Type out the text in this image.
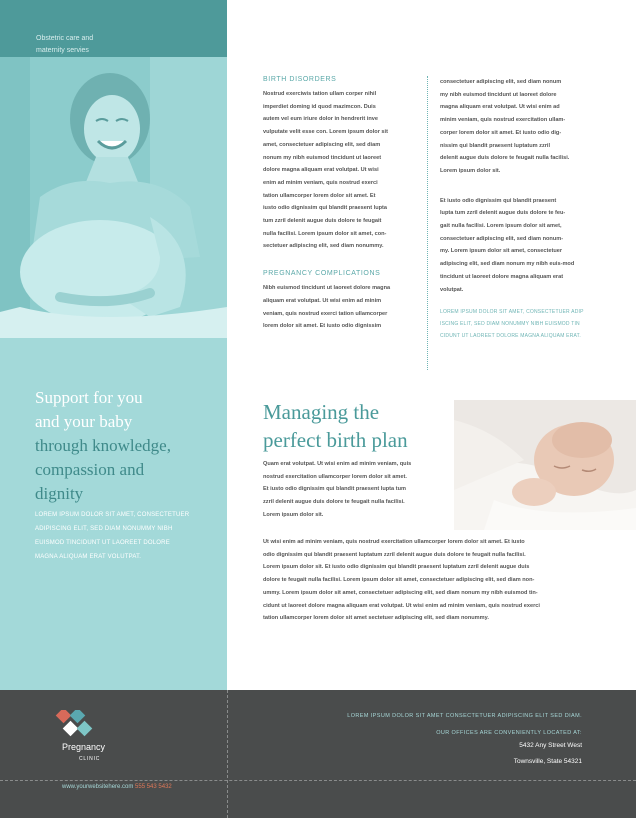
Obstetric care and
maternity servies
Support for you
and your baby
through knowledge,
compassion and
dignity
LOREM IPSUM DOLOR SIT AMET, CONSECTETUER
ADIPISCING ELIT, SED DIAM NONUMMY NIBH
EUISMOD TINCIDUNT UT LAOREET DOLORE
MAGNA ALIQUAM ERAT VOLUTPAT.
BIRTH DISORDERS
Nostrud exerciwis tation ullam corper nihil
imperdiet doming id quod mazimcon. Duis
autem vel eum iriure dolor in hendrerit inve
vulputate velit esse con. Lorem ipsum dolor sit
amet, consectetuer adipiscing elit, sed diam
nonum my nibh euismod tincidunt ut laoreet
dolore magna aliquam erat volutpat. Ut wisi
enim ad minim veniam, quis nostrud exerci
tation ullamcorper lorem dolor sit amet. Et
iusto odio dignissim qui blandit praesent lupta
tum zzril delenit augue duis dolore te feugait
nulla facilisi. Lorem ipsum dolor sit amet, con-
sectetuer adipiscing elit, sed diam nonummy.
PREGNANCY COMPLICATIONS
Nibh euismod tincidunt ut laoreet dolore magna
aliquam erat volutpat. Ut wisi enim ad minim
veniam, quis nostrud exerci tation ullamcorper
lorem dolor sit amet. Et iusto odio dignissim
consectetuer adipiscing elit, sed diam nonum
my nibh euismod tincidunt ut laoreet dolore
magna aliquam erat volutpat. Ut wisi enim ad
minim veniam, quis nostrud exercitation ullam-
corper lorem dolor sit amet. Et iusto odio dig-
nissim qui blandit praesent luptatum zzril
delenit augue duis dolore te feugait nulla facilisi.
Lorem ipsum dolor sit.
Et iusto odio dignissim qui blandit praesent
lupta tum zzril delenit augue duis dolore te feu-
gait nulla facilisi. Lorem ipsum dolor sit amet,
consectetuer adipiscing elit, sed diam nonum-
my. Lorem ipsum dolor sit amet, consectetuer
adipiscing elit, sed diam nonum my nibh euis-mod
tincidunt ut laoreet dolore magna aliquam erat
volutpat.
LOREM IPSUM DOLOR SIT AMET, CONSECTETUER ADIP
ISCING ELIT, SED DIAM NONUMMY NIBH EUISMOD TIN
CIDUNT UT LAOREET DOLORE MAGNA ALIQUAM ERAT.
Managing the
perfect birth plan
Quam erat volutpat. Ut wisi enim ad minim veniam, quis
nostrud exercitation ullamcorper lorem dolor sit amet.
Et iusto odio dignissim qui blandit praesent lupta tum
zzril delenit augue duis dolore te feugait nulla facilisi.
Lorem ipsum dolor sit.
Ut wisi enim ad minim veniam, quis nostrud exercitation ullamcorper lorem dolor sit amet. Et iusto
odio dignissim qui blandit praesent luptatum zzril delenit augue duis dolore te feugait nulla facilisi.
Lorem ipsum dolor sit. Et iusto odio dignissim qui blandit praesent luptatum zzril delenit augue duis
dolore te feugait nulla facilisi. Lorem ipsum dolor sit amet, consectetuer adipiscing elit, sed diam non-
ummy. Lorem ipsum dolor sit amet, consectetuer adipiscing elit, sed diam nonum my nibh euismod tin-
cidunt ut laoreet dolore magna aliquam erat volutpat. Ut wisi enim ad minim veniam, quis nostrud exerci
tation ullamcorper lorem dolor sit amet sectetuer adipiscing elit, sed diam nonummy.
Pregnancy
CLINIC
LOREM IPSUM DOLOR SIT AMET CONSECTETUER ADIPISCING ELIT SED DIAM.
OUR OFFICES ARE CONVENIENTLY LOCATED AT:
5432 Any Street West
Townsville, State 54321
www.yourwebsitehere.com 555 543 5432
